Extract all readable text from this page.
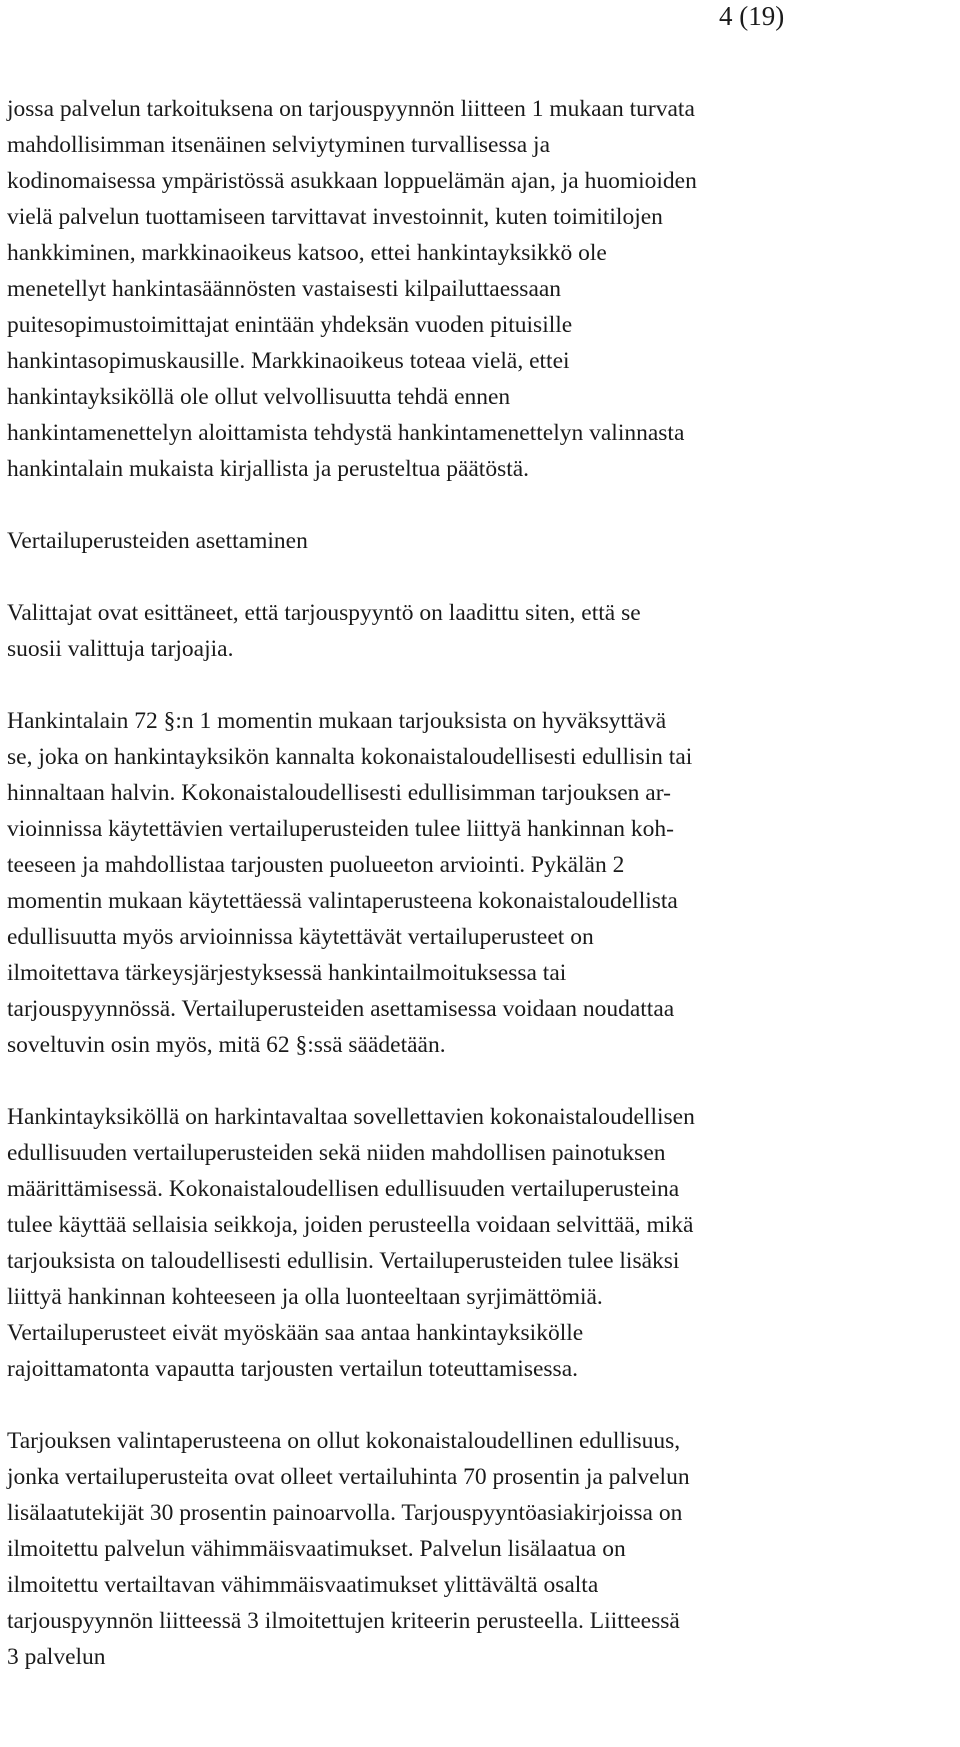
4 (19)

jossa palvelun tarkoituksena on tarjouspyynnön liitteen 1 mukaan turvata
mahdollisimman itsenäinen selviytyminen turvallisessa ja
kodinomaisessa ympäristössä asukkaan loppuelämän ajan, ja huomioiden
vielä palvelun tuottamiseen tarvittavat investoinnit, kuten toimitilojen
hankkiminen, markkinaoikeus katsoo, ettei hankintayksikkö ole
menetellyt hankintasäännösten vastaisesti kilpailuttaessaan
puitesopimustoimittajat enintään yhdeksän vuoden pituisille
hankintasopimuskausille. Markkinaoikeus toteaa vielä, ettei
hankintayksiköllä ole ollut velvollisuutta tehdä ennen
hankintamenettelyn aloittamista tehdystä hankintamenettelyn valinnasta
hankintalain mukaista kirjallista ja perusteltua päätöstä.

Vertailuperusteiden asettaminen

Valittajat ovat esittäneet, että tarjouspyyntö on laadittu siten, että se
suosii valittuja tarjoajia.

Hankintalain 72 §:n 1 momentin mukaan tarjouksista on hyväksyttävä
se, joka on hankintayksikön kannalta kokonaistaloudellisesti edullisin tai
hinnaltaan halvin. Kokonaistaloudellisesti edullisimman tarjouksen ar-
vioinnissa käytettävien vertailuperusteiden tulee liittyä hankinnan koh-
teeseen ja mahdollistaa tarjousten puolueeton arviointi. Pykälän 2
momentin mukaan käytettäessä valintaperusteena kokonaistaloudellista
edullisuutta myös arvioinnissa käytettävät vertailuperusteet on
ilmoitettava tärkeysjärjestyksessä hankintailmoituksessa tai
tarjouspyynnössä. Vertailuperusteiden asettamisessa voidaan noudattaa
soveltuvin osin myös, mitä 62 §:ssä säädetään.

Hankintayksiköllä on harkintavaltaa sovellettavien kokonaistaloudellisen
edullisuuden vertailuperusteiden sekä niiden mahdollisen painotuksen
määrittämisessä. Kokonaistaloudellisen edullisuuden vertailuperusteina
tulee käyttää sellaisia seikkoja, joiden perusteella voidaan selvittää, mikä
tarjouksista on taloudellisesti edullisin. Vertailuperusteiden tulee lisäksi
liittyä hankinnan kohteeseen ja olla luonteeltaan syrjimättömiä.
Vertailuperusteet eivät myöskään saa antaa hankintayksikölle
rajoittamatonta vapautta tarjousten vertailun toteuttamisessa.

Tarjouksen valintaperusteena on ollut kokonaistaloudellinen edullisuus,
jonka vertailuperusteita ovat olleet vertailuhinta 70 prosentin ja palvelun
lisälaatutekijät 30 prosentin painoarvolla. Tarjouspyyntöasiakirjoissa on
ilmoitettu palvelun vähimmäisvaatimukset. Palvelun lisälaatua on
ilmoitettu vertailtavan vähimmäisvaatimukset ylittävältä osalta
tarjouspyynnön liitteessä 3 ilmoitettujen kriteerin perusteella. Liitteessä
3 palvelun
